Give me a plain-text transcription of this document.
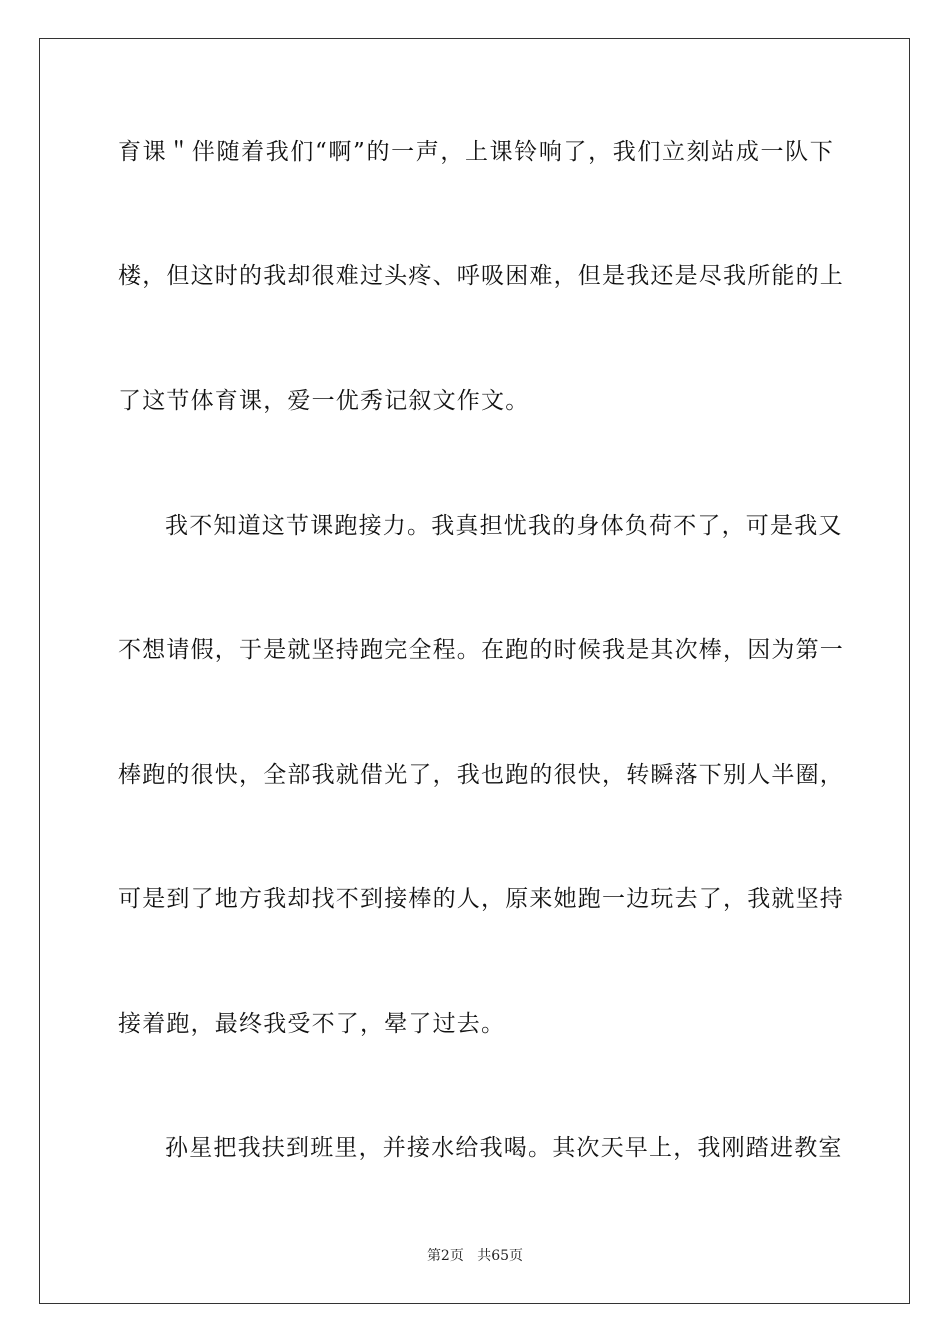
育课＂伴随着我们“啊”的一声，上课铃响了，我们立刻站成一队下
楼，但这时的我却很难过头疼、呼吸困难，但是我还是尽我所能的上
了这节体育课，爱一优秀记叙文作文。
我不知道这节课跑接力。我真担忧我的身体负荷不了，可是我又
不想请假，于是就坚持跑完全程。在跑的时候我是其次棒，因为第一
棒跑的很快，全部我就借光了，我也跑的很快，转瞬落下别人半圈，
可是到了地方我却找不到接棒的人，原来她跑一边玩去了，我就坚持
接着跑，最终我受不了，晕了过去。
孙星把我扶到班里，并接水给我喝。其次天早上，我刚踏进教室
第2页 共65页
